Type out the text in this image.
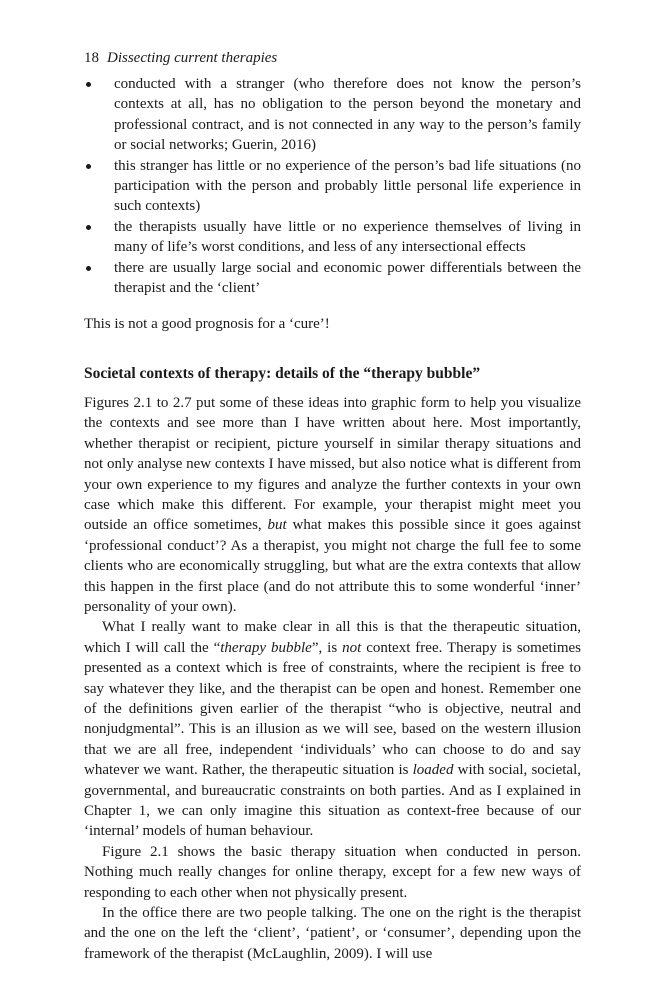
18 Dissecting current therapies
conducted with a stranger (who therefore does not know the person’s contexts at all, has no obligation to the person beyond the monetary and professional contract, and is not connected in any way to the person’s family or social networks; Guerin, 2016)
this stranger has little or no experience of the person’s bad life situations (no participation with the person and probably little personal life experience in such contexts)
the therapists usually have little or no experience themselves of living in many of life’s worst conditions, and less of any intersectional effects
there are usually large social and economic power differentials between the therapist and the ‘client’

This is not a good prognosis for a ‘cure’!

Societal contexts of therapy: details of the “therapy bubble”

Figures 2.1 to 2.7 put some of these ideas into graphic form to help you visualize the contexts and see more than I have written about here. Most importantly, whether therapist or recipient, picture yourself in similar therapy situations and not only analyse new contexts I have missed, but also notice what is different from your own experience to my figures and analyze the further contexts in your own case which make this different. For example, your therapist might meet you outside an office sometimes, but what makes this possible since it goes against ‘professional conduct’? As a therapist, you might not charge the full fee to some clients who are economically struggling, but what are the extra contexts that allow this happen in the first place (and do not attribute this to some wonderful ‘inner’ personality of your own).

What I really want to make clear in all this is that the therapeutic situation, which I will call the “therapy bubble”, is not context free. Therapy is sometimes presented as a context which is free of constraints, where the recipient is free to say whatever they like, and the therapist can be open and honest. Remember one of the definitions given earlier of the therapist “who is objective, neutral and nonjudgmental”. This is an illusion as we will see, based on the western illusion that we are all free, independent ‘individuals’ who can choose to do and say whatever we want. Rather, the therapeutic situation is loaded with social, societal, governmental, and bureaucratic constraints on both parties. And as I explained in Chapter 1, we can only imagine this situation as context-free because of our ‘internal’ models of human behaviour.

Figure 2.1 shows the basic therapy situation when conducted in person. Nothing much really changes for online therapy, except for a few new ways of responding to each other when not physically present.

In the office there are two people talking. The one on the right is the therapist and the one on the left the ‘client’, ‘patient’, or ‘consumer’, depending upon the framework of the therapist (McLaughlin, 2009). I will use
